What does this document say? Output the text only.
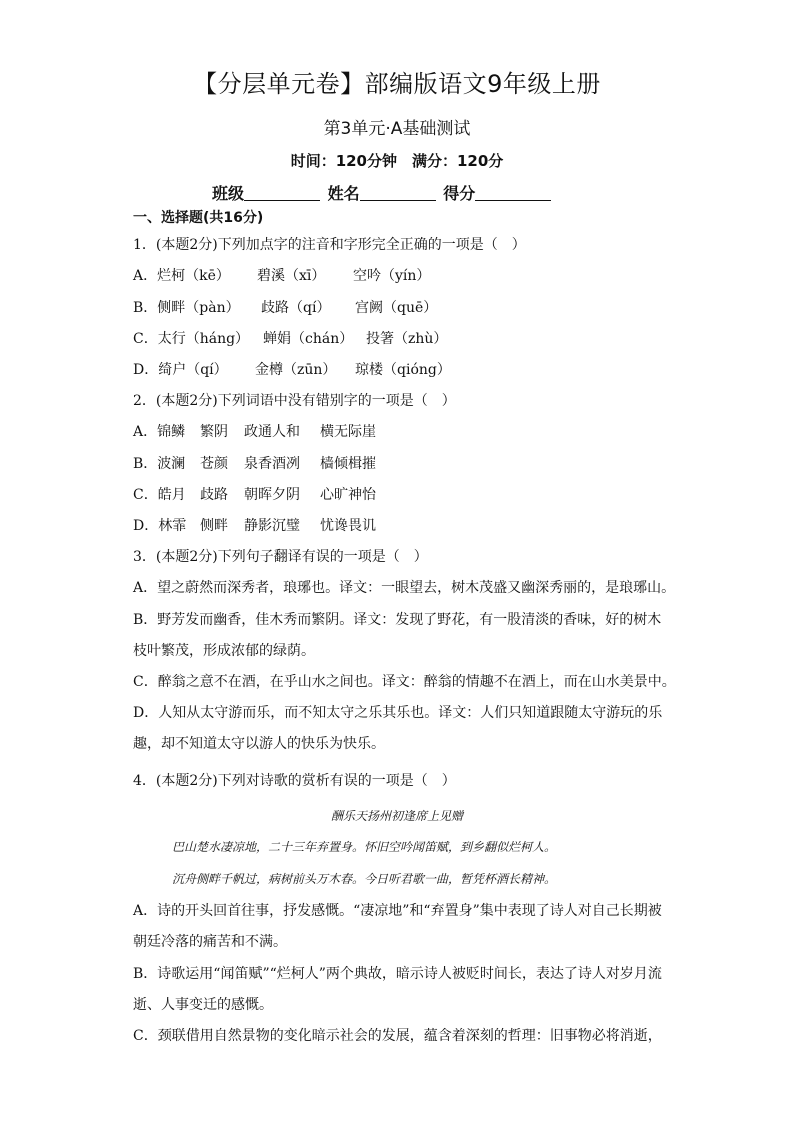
【分层单元卷】部编版语文9年级上册
第3单元·A基础测试
时间：120分钟　满分：120分
班级	姓名	得分
一、选择题(共16分)
1．(本题2分)下列加点字的注音和字形完全正确的一项是（　）
A．烂柯（kē） 碧溪（xī） 空吟（yín）
B．侧畔（pàn） 歧路（qí） 宫阙（quē）
C．太行（háng） 蝉娟（chán） 投箸（zhù）
D．绮户（qí） 金樽（zūn） 琼楼（qióng）
2．(本题2分)下列词语中没有错别字的一项是（　）
A．锦鳞 繁阴 政通人和 横无际崖
B．波澜 苍颜 泉香酒冽 樯倾楫摧
C．皓月 歧路 朝晖夕阴 心旷神怡
D．林霏 侧畔 静影沉璧 忧谗畏讥
3．(本题2分)下列句子翻译有误的一项是（　）
A．望之蔚然而深秀者，琅琊也。译文：一眼望去，树木茂盛又幽深秀丽的，是琅琊山。
B．野芳发而幽香，佳木秀而繁阴。译文：发现了野花，有一股清淡的香味，好的树木
枝叶繁茂，形成浓郁的绿荫。
C．醉翁之意不在酒，在乎山水之间也。译文：醉翁的情趣不在酒上，而在山水美景中。
D．人知从太守游而乐，而不知太守之乐其乐也。译文：人们只知道跟随太守游玩的乐
趣，却不知道太守以游人的快乐为快乐。
4．(本题2分)下列对诗歌的赏析有误的一项是（　）
酬乐天扬州初逢席上见赠
巴山楚水凄凉地，二十三年弃置身。怀旧空吟闻笛赋，到乡翻似烂柯人。
沉舟侧畔千帆过，病树前头万木春。今日听君歌一曲，暂凭杯酒长精神。
A．诗的开头回首往事，抒发感慨。“凄凉地”和“弃置身”集中表现了诗人对自己长期被
朝廷冷落的痛苦和不满。
B．诗歌运用“闻笛赋”“烂柯人”两个典故，暗示诗人被贬时间长，表达了诗人对岁月流
逝、人事变迁的感慨。
C．颈联借用自然景物的变化暗示社会的发展，蕴含着深刻的哲理：旧事物必将消逝，
